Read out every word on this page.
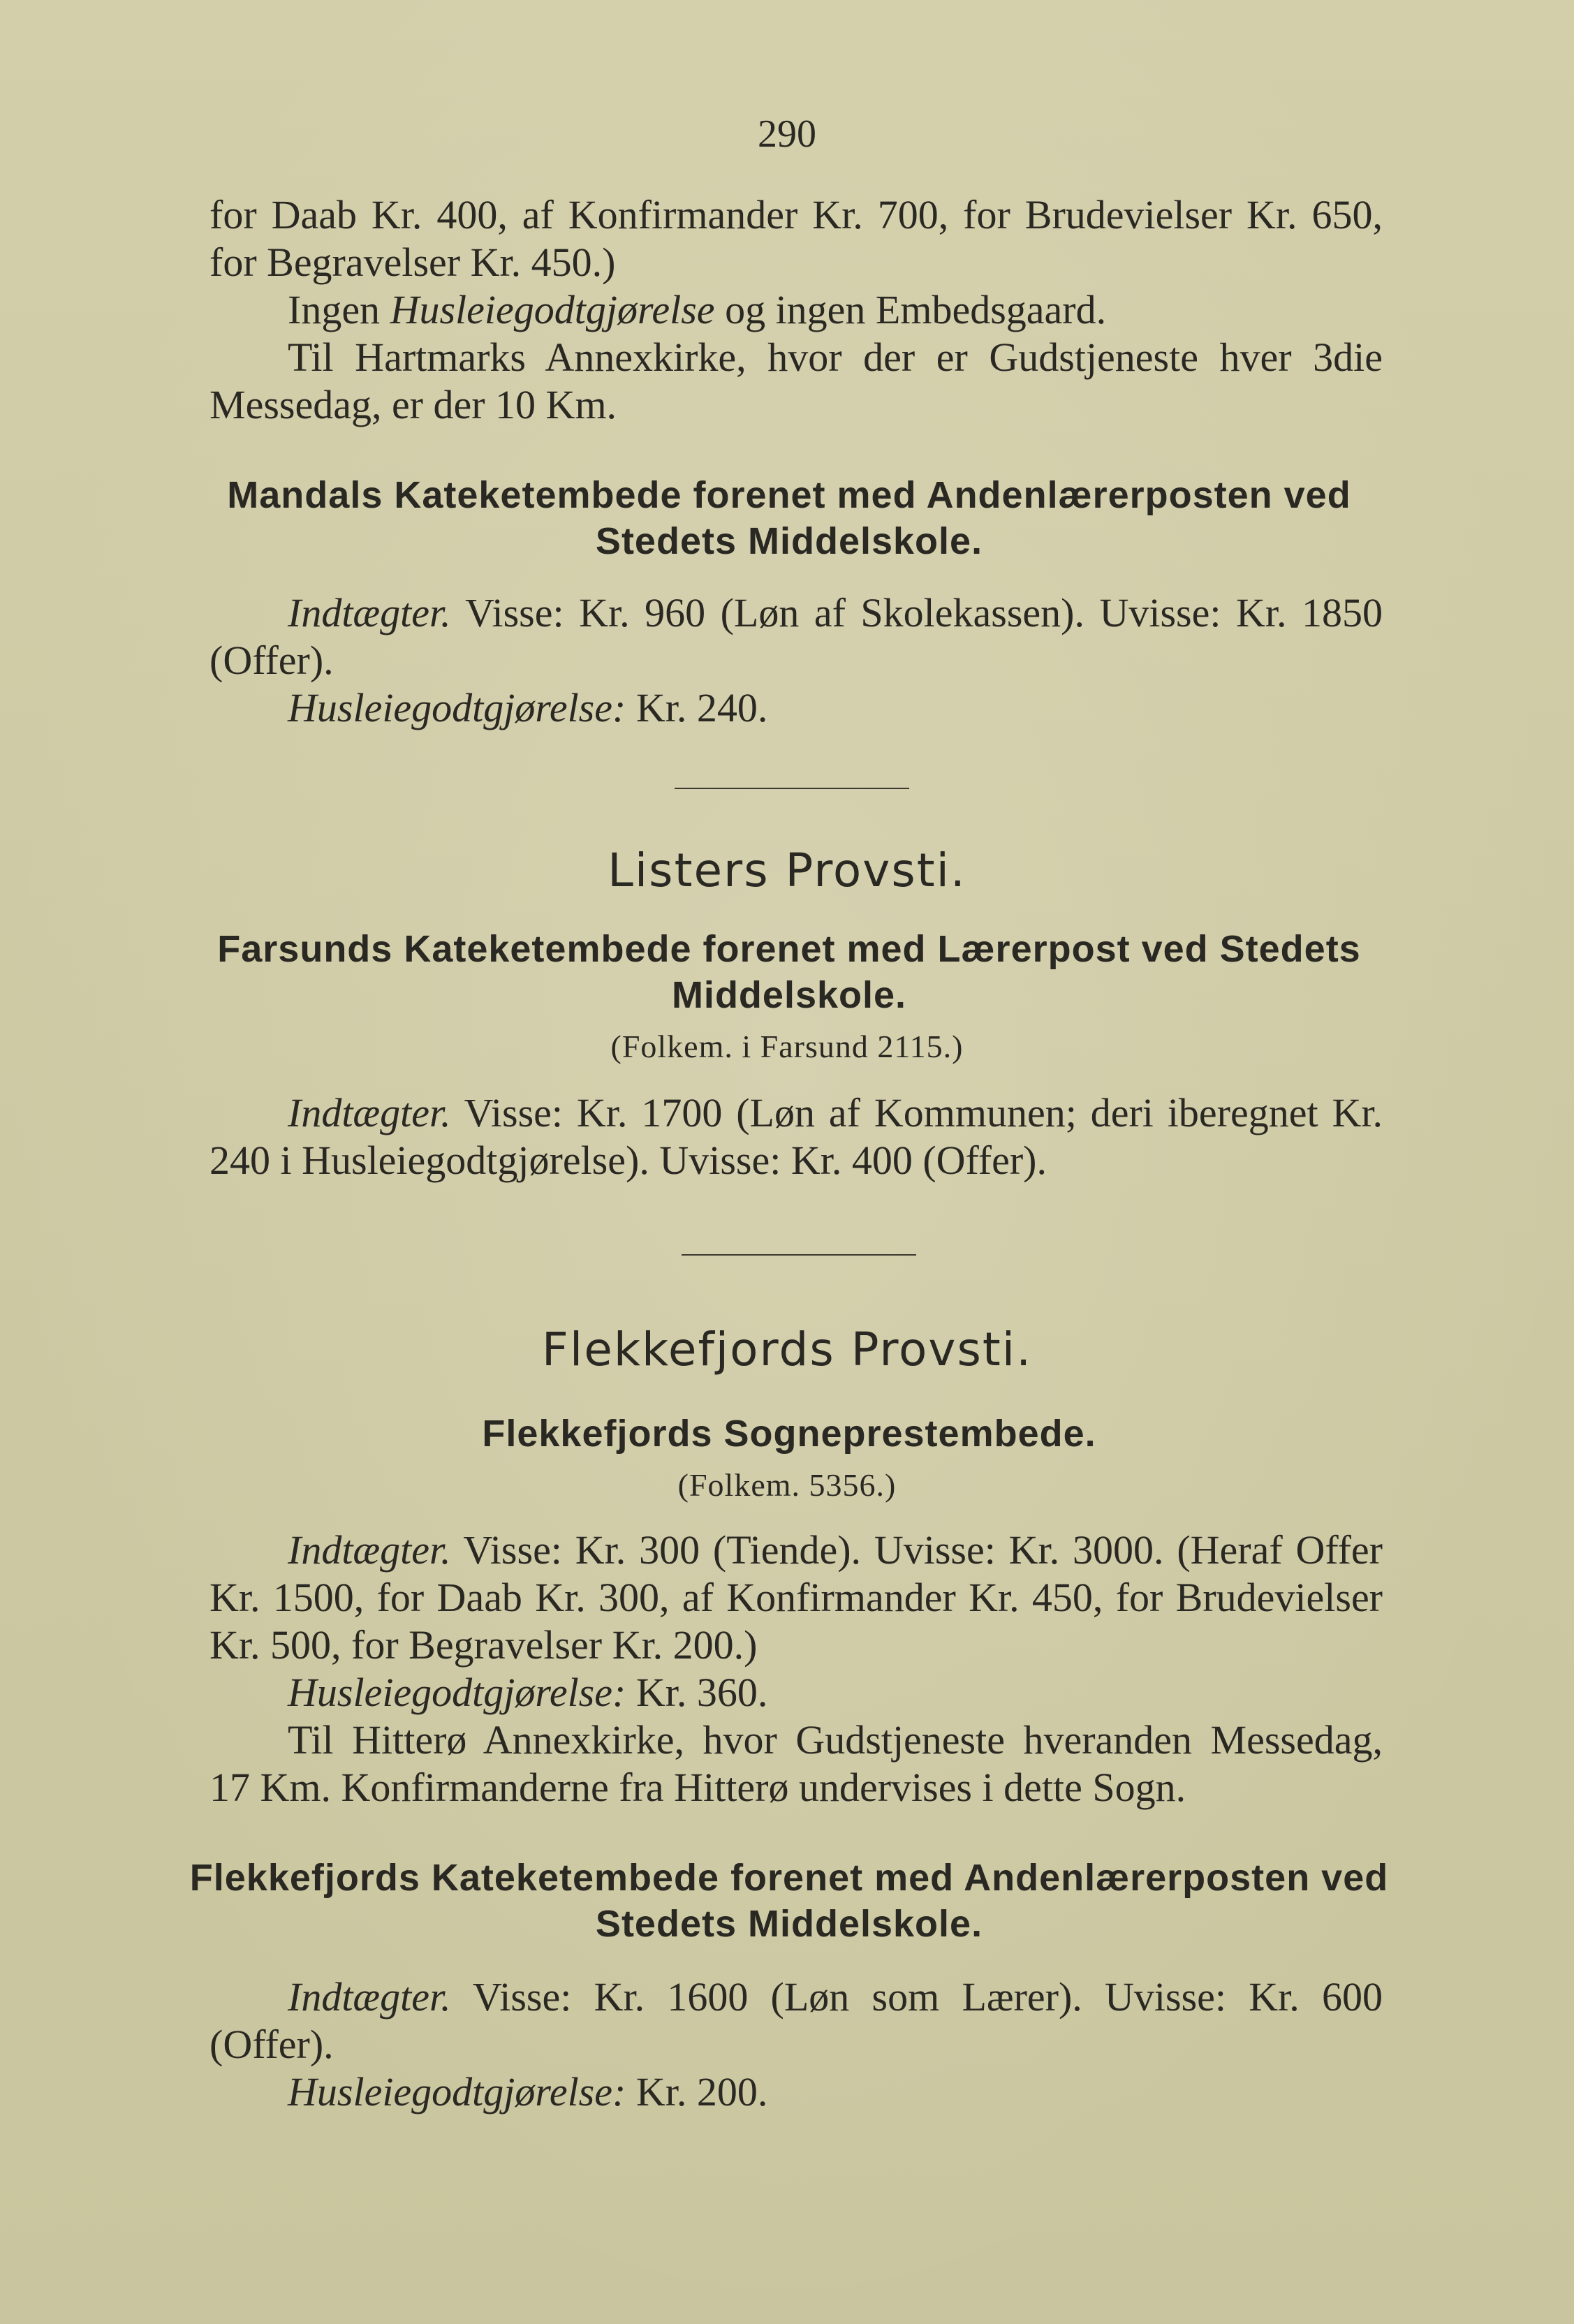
290

for Daab Kr. 400, af Konfirmander Kr. 700, for Brudevielser Kr. 650, for Begravelser Kr. 450.)

Ingen Husleiegodtgjørelse og ingen Embedsgaard.

Til Hartmarks Annexkirke, hvor der er Gudstjeneste hver 3die Messedag, er der 10 Km.

Mandals Kateketembede forenet med Andenlærerposten ved Stedets Middelskole.

Indtægter. Visse: Kr. 960 (Løn af Skolekassen). Uvisse: Kr. 1850 (Offer).

Husleiegodtgjørelse: Kr. 240.

Listers Provsti.
Farsunds Kateketembede forenet med Lærerpost ved Stedets Middelskole.
(Folkem. i Farsund 2115.)

Indtægter. Visse: Kr. 1700 (Løn af Kommunen; deri iberegnet Kr. 240 i Husleiegodtgjørelse). Uvisse: Kr. 400 (Offer).

Flekkefjords Provsti.
Flekkefjords Sogneprestembede.
(Folkem. 5356.)

Indtægter. Visse: Kr. 300 (Tiende). Uvisse: Kr. 3000. (Heraf Offer Kr. 1500, for Daab Kr. 300, af Konfirmander Kr. 450, for Brudevielser Kr. 500, for Begravelser Kr. 200.)

Husleiegodtgjørelse: Kr. 360.

Til Hitterø Annexkirke, hvor Gudstjeneste hveranden Messedag, 17 Km. Konfirmanderne fra Hitterø undervises i dette Sogn.

Flekkefjords Kateketembede forenet med Andenlærerposten ved Stedets Middelskole.

Indtægter. Visse: Kr. 1600 (Løn som Lærer). Uvisse: Kr. 600 (Offer).

Husleiegodtgjørelse: Kr. 200.
